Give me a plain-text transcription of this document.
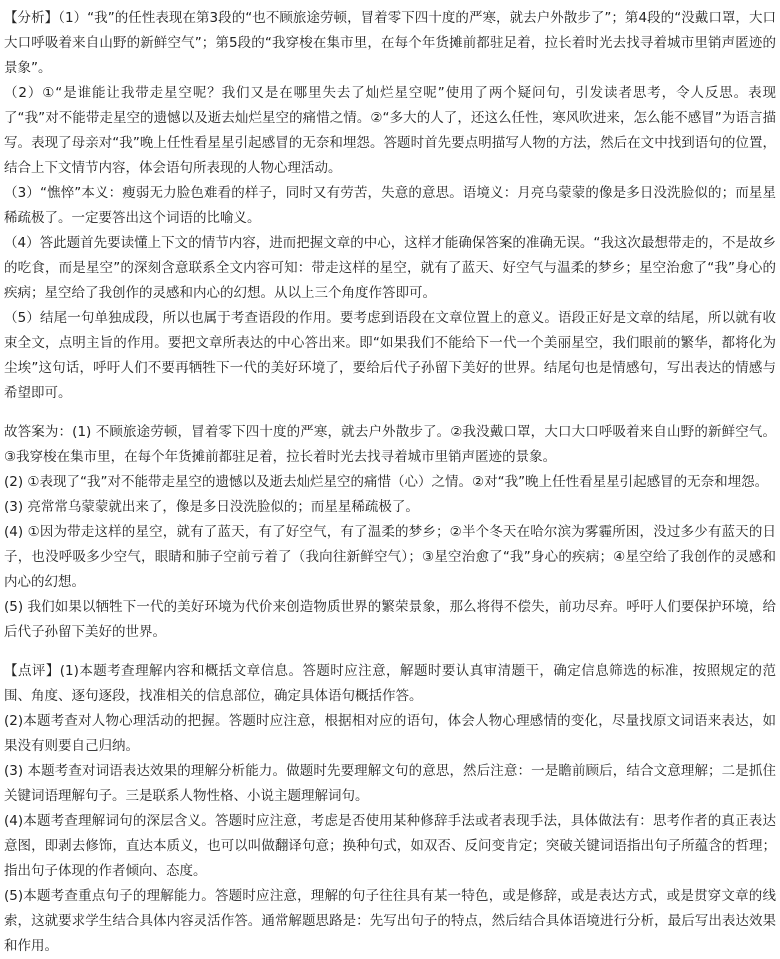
【分析】（1）“我”的任性表现在第3段的“也不顾旅途劳顿，冒着零下四十度的严寒，就去户外散步了”；第4段的“没戴口罩，大口大口呼吸着来自山野的新鲜空气”；第5段的“我穿梭在集市里，在每个年货摊前都驻足着，拉长着时光去找寻着城市里销声匿迹的景象”。

（2）①“是谁能让我带走星空呢？我们又是在哪里失去了灿烂星空呢”使用了两个疑问句，引发读者思考，令人反思。表现了“我”对不能带走星空的遗憾以及逝去灿烂星空的痛惜之情。②“多大的人了，还这么任性，寒风吹进来，怎么能不感冒”为语言描写。表现了母亲对“我”晚上任性看星星引起感冒的无奈和埋怨。答题时首先要点明描写人物的方法，然后在文中找到语句的位置，结合上下文情节内容，体会语句所表现的人物心理活动。

（3）“憔悴”本义：瘦弱无力脸色难看的样子，同时又有劳苦，失意的意思。语境义：月亮乌蒙蒙的像是多日没洗脸似的；而星星稀疏极了。一定要答出这个词语的比喻义。

（4）答此题首先要读懂上下文的情节内容，进而把握文章的中心，这样才能确保答案的准确无误。“我这次最想带走的，不是故乡的吃食，而是星空”的深刻含意联系全文内容可知：带走这样的星空，就有了蓝天、好空气与温柔的梦乡；星空治愈了“我”身心的疾病；星空给了我创作的灵感和内心的幻想。从以上三个角度作答即可。

（5）结尾一句单独成段，所以也属于考查语段的作用。要考虑到语段在文章位置上的意义。语段正好是文章的结尾，所以就有收束全文，点明主旨的作用。要把文章所表达的中心答出来。即“如果我们不能给下一代一个美丽星空，我们眼前的繁华，都将化为尘埃”这句话，呼吁人们不要再牺牲下一代的美好环境了，要给后代子孙留下美好的世界。结尾句也是情感句，写出表达的情感与希望即可。

故答案为：(1) 不顾旅途劳顿，冒着零下四十度的严寒，就去户外散步了。②我没戴口罩，大口大口呼吸着来自山野的新鲜空气。③我穿梭在集市里，在每个年货摊前都驻足着，拉长着时光去找寻着城市里销声匿迹的景象。

(2) ①表现了“我”对不能带走星空的遗憾以及逝去灿烂星空的痛惜（心）之情。②对“我”晚上任性看星星引起感冒的无奈和埋怨。

(3) 亮常常乌蒙蒙就出来了，像是多日没洗脸似的；而星星稀疏极了。

(4) ①因为带走这样的星空，就有了蓝天，有了好空气，有了温柔的梦乡；②半个冬天在哈尔滨为雾霾所困，没过多少有蓝天的日子，也没呼吸多少空气，眼睛和肺子空前亏着了（我向往新鲜空气）；③星空治愈了“我”身心的疾病；④星空给了我创作的灵感和内心的幻想。

(5) 我们如果以牺牲下一代的美好环境为代价来创造物质世界的繁荣景象，那么将得不偿失，前功尽弃。呼吁人们要保护环境，给后代子孙留下美好的世界。

【点评】(1)本题考查理解内容和概括文章信息。答题时应注意，解题时要认真审清题干，确定信息筛选的标准，按照规定的范围、角度、逐句逐段，找准相关的信息部位，确定具体语句概括作答。

(2)本题考查对人物心理活动的把握。答题时应注意，根据相对应的语句，体会人物心理感情的变化，尽量找原文词语来表达，如果没有则要自己归纳。

(3) 本题考查对词语表达效果的理解分析能力。做题时先要理解文句的意思，然后注意：一是瞻前顾后，结合文意理解；二是抓住关键词语理解句子。三是联系人物性格、小说主题理解词句。

(4)本题考查理解词句的深层含义。答题时应注意，考虑是否使用某种修辞手法或者表现手法，具体做法有：思考作者的真正表达意图，即剥去修饰，直达本质义，也可以叫做翻译句意；换种句式，如双否、反问变肯定；突破关键词语指出句子所蕴含的哲理；指出句子体现的作者倾向、态度。

(5)本题考查重点句子的理解能力。答题时应注意，理解的句子往往具有某一特色，或是修辞，或是表达方式，或是贯穿文章的线索，这就要求学生结合具体内容灵活作答。通常解题思路是：先写出句子的特点，然后结合具体语境进行分析，最后写出表达效果和作用。
